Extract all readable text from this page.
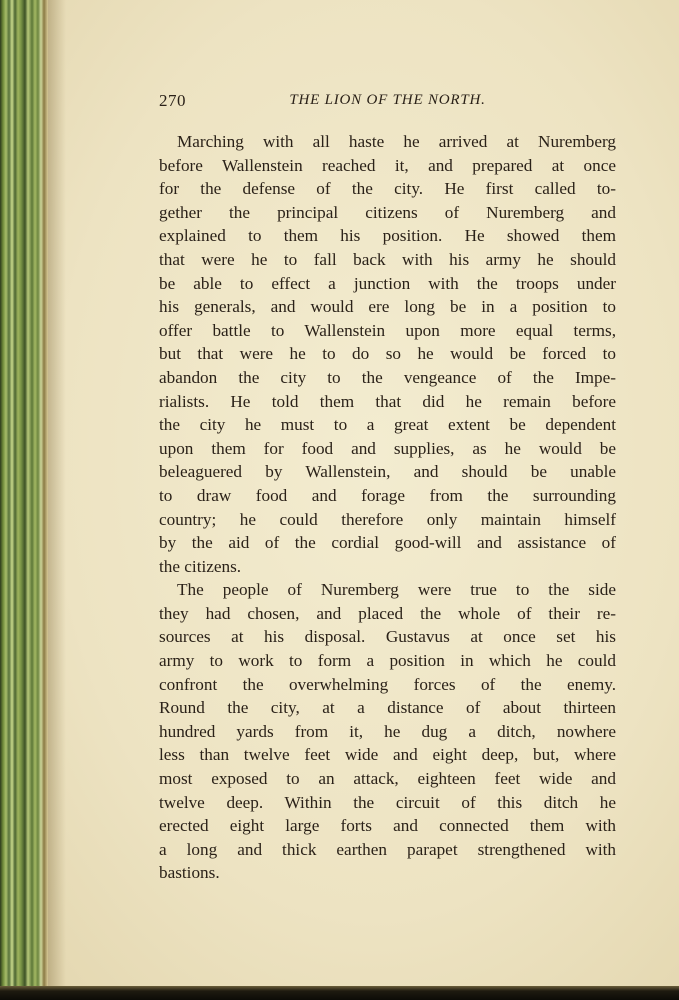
270	THE LION OF THE NORTH.
Marching with all haste he arrived at Nuremberg
before Wallenstein reached it, and prepared at once
for the defense of the city. He first called to-
gether the principal citizens of Nuremberg and
explained to them his position. He showed them
that were he to fall back with his army he should
be able to effect a junction with the troops under
his generals, and would ere long be in a position to
offer battle to Wallenstein upon more equal terms,
but that were he to do so he would be forced to
abandon the city to the vengeance of the Impe-
rialists. He told them that did he remain before
the city he must to a great extent be dependent
upon them for food and supplies, as he would be
beleaguered by Wallenstein, and should be unable
to draw food and forage from the surrounding
country; he could therefore only maintain himself
by the aid of the cordial good-will and assistance of
the citizens.
The people of Nuremberg were true to the side
they had chosen, and placed the whole of their re-
sources at his disposal. Gustavus at once set his
army to work to form a position in which he could
confront the overwhelming forces of the enemy.
Round the city, at a distance of about thirteen
hundred yards from it, he dug a ditch, nowhere
less than twelve feet wide and eight deep, but, where
most exposed to an attack, eighteen feet wide and
twelve deep. Within the circuit of this ditch he
erected eight large forts and connected them with
a long and thick earthen parapet strengthened with
bastions.
